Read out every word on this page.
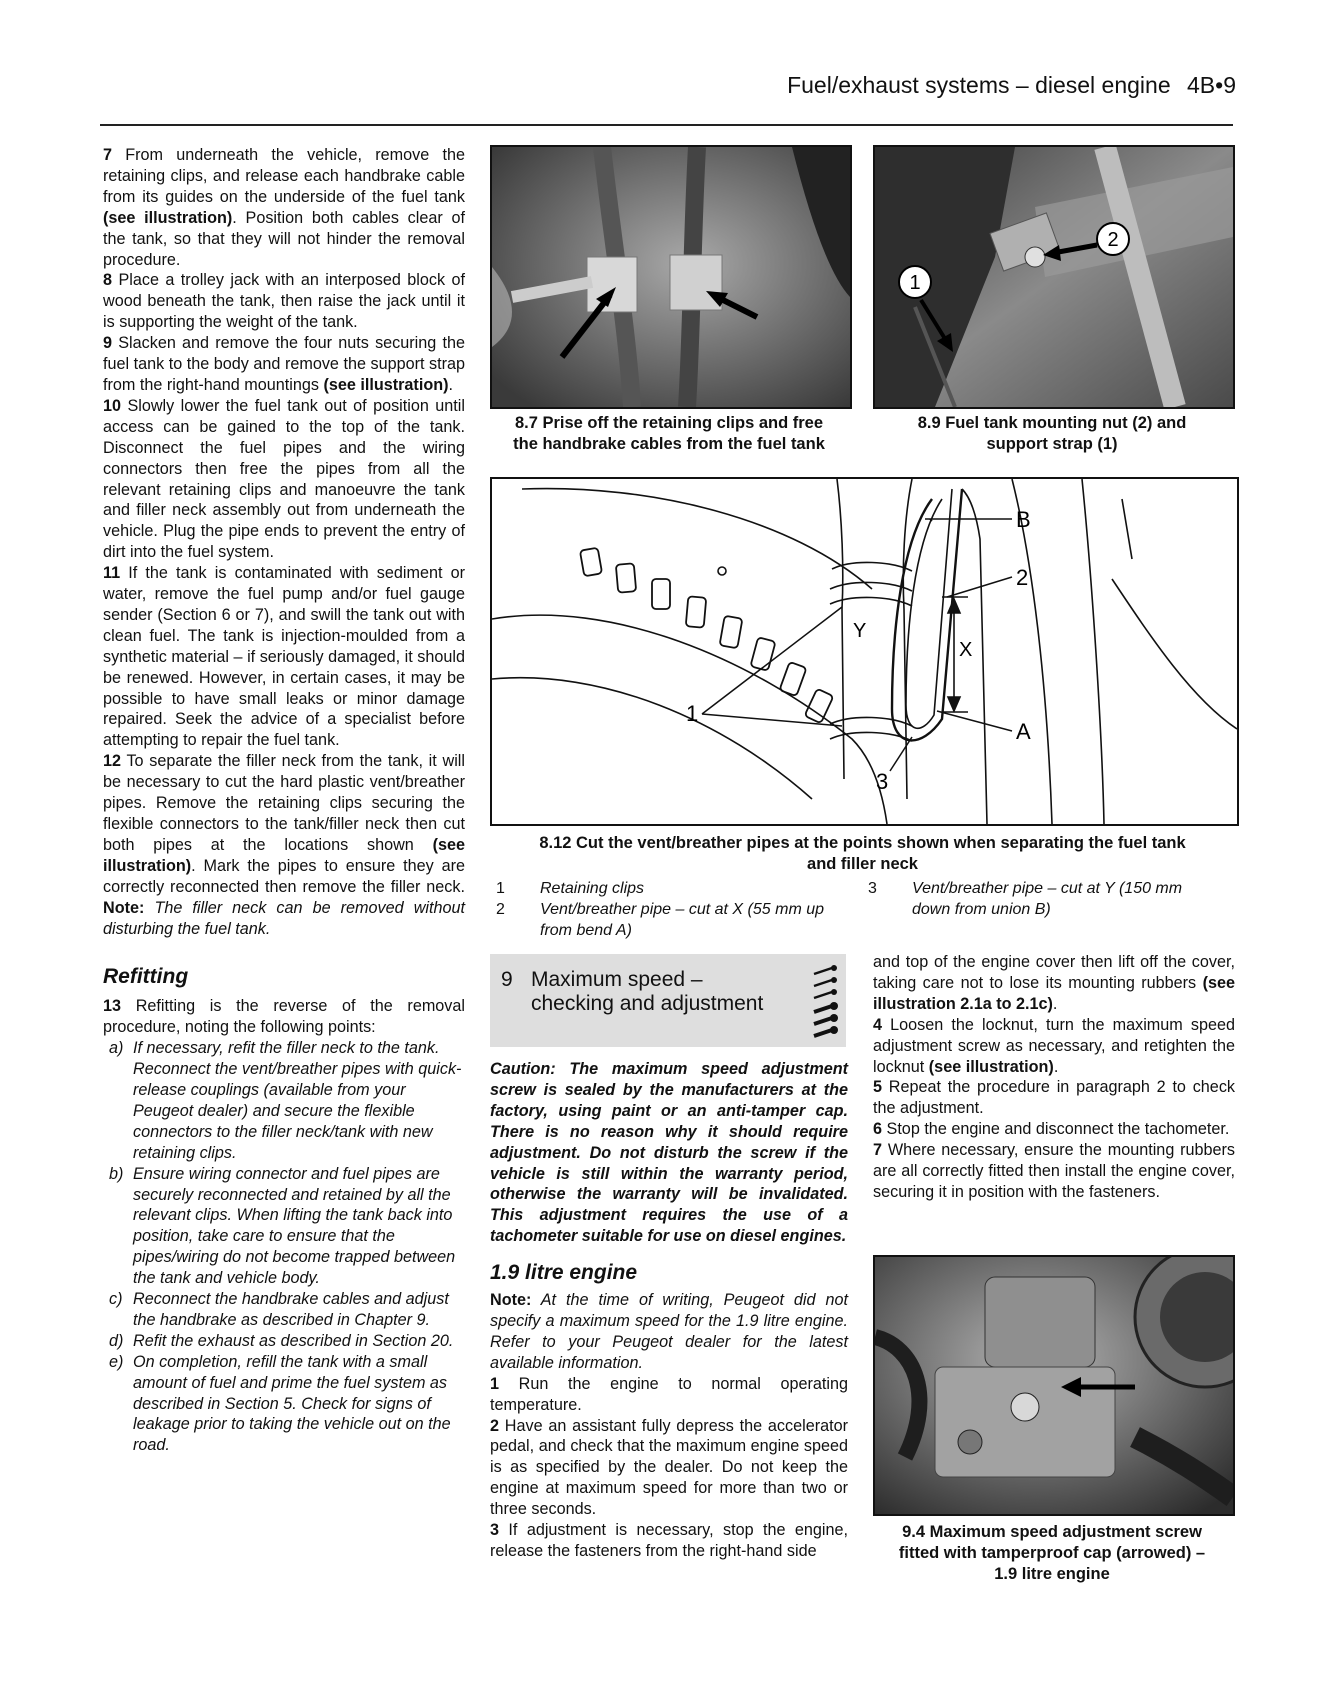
Fuel/exhaust systems – diesel engine 4B•9

7 From underneath the vehicle, remove the retaining clips, and release each handbrake cable from its guides on the underside of the fuel tank (see illustration). Position both cables clear of the tank, so that they will not hinder the removal procedure.

8 Place a trolley jack with an interposed block of wood beneath the tank, then raise the jack until it is supporting the weight of the tank.

9 Slacken and remove the four nuts securing the fuel tank to the body and remove the support strap from the right-hand mountings (see illustration).

10 Slowly lower the fuel tank out of position until access can be gained to the top of the tank. Disconnect the fuel pipes and the wiring connectors then free the pipes from all the relevant retaining clips and manoeuvre the tank and filler neck assembly out from underneath the vehicle. Plug the pipe ends to prevent the entry of dirt into the fuel system.

11 If the tank is contaminated with sediment or water, remove the fuel pump and/or fuel gauge sender (Section 6 or 7), and swill the tank out with clean fuel. The tank is injection-moulded from a synthetic material – if seriously damaged, it should be renewed. However, in certain cases, it may be possible to have small leaks or minor damage repaired. Seek the advice of a specialist before attempting to repair the fuel tank.

12 To separate the filler neck from the tank, it will be necessary to cut the hard plastic vent/breather pipes. Remove the retaining clips securing the flexible connectors to the tank/filler neck then cut both pipes at the locations shown (see illustration). Mark the pipes to ensure they are correctly reconnected then remove the filler neck. Note: The filler neck can be removed without disturbing the fuel tank.

Refitting

13 Refitting is the reverse of the removal procedure, noting the following points:

a) If necessary, refit the filler neck to the tank. Reconnect the vent/breather pipes with quick-release couplings (available from your Peugeot dealer) and secure the flexible connectors to the filler neck/tank with new retaining clips.
b) Ensure wiring connector and fuel pipes are securely reconnected and retained by all the relevant clips. When lifting the tank back into position, take care to ensure that the pipes/wiring do not become trapped between the tank and vehicle body.
c) Reconnect the handbrake cables and adjust the handbrake as described in Chapter 9.
d) Refit the exhaust as described in Section 20.
e) On completion, refill the tank with a small amount of fuel and prime the fuel system as described in Section 5. Check for signs of leakage prior to taking the vehicle out on the road.
8.7 Prise off the retaining clips and free
the handbrake cables from the fuel tank
1
2
8.9 Fuel tank mounting nut (2) and
support strap (1)
B
2
X
Y
1
A
3
8.12 Cut the vent/breather pipes at the points shown when separating the fuel tank
and filler neck
1 Retaining clips
2 Vent/breather pipe – cut at X (55 mm up from bend A)
3 Vent/breather pipe – cut at Y (150 mm down from union B)
9 Maximum speed –
checking and adjustment

Caution: The maximum speed adjustment screw is sealed by the manufacturers at the factory, using paint or an anti-tamper cap. There is no reason why it should require adjustment. Do not disturb the screw if the vehicle is still within the warranty period, otherwise the warranty will be invalidated. This adjustment requires the use of a tachometer suitable for use on diesel engines.

1.9 litre engine

Note: At the time of writing, Peugeot did not specify a maximum speed for the 1.9 litre engine. Refer to your Peugeot dealer for the latest available information.

1 Run the engine to normal operating temperature.

2 Have an assistant fully depress the accelerator pedal, and check that the maximum engine speed is as specified by the dealer. Do not keep the engine at maximum speed for more than two or three seconds.

3 If adjustment is necessary, stop the engine, release the fasteners from the right-hand side

and top of the engine cover then lift off the cover, taking care not to lose its mounting rubbers (see illustration 2.1a to 2.1c).

4 Loosen the locknut, turn the maximum speed adjustment screw as necessary, and retighten the locknut (see illustration).

5 Repeat the procedure in paragraph 2 to check the adjustment.

6 Stop the engine and disconnect the tachometer.

7 Where necessary, ensure the mounting rubbers are all correctly fitted then install the engine cover, securing it in position with the fasteners.

9.4 Maximum speed adjustment screw
fitted with tamperproof cap (arrowed) –
1.9 litre engine
